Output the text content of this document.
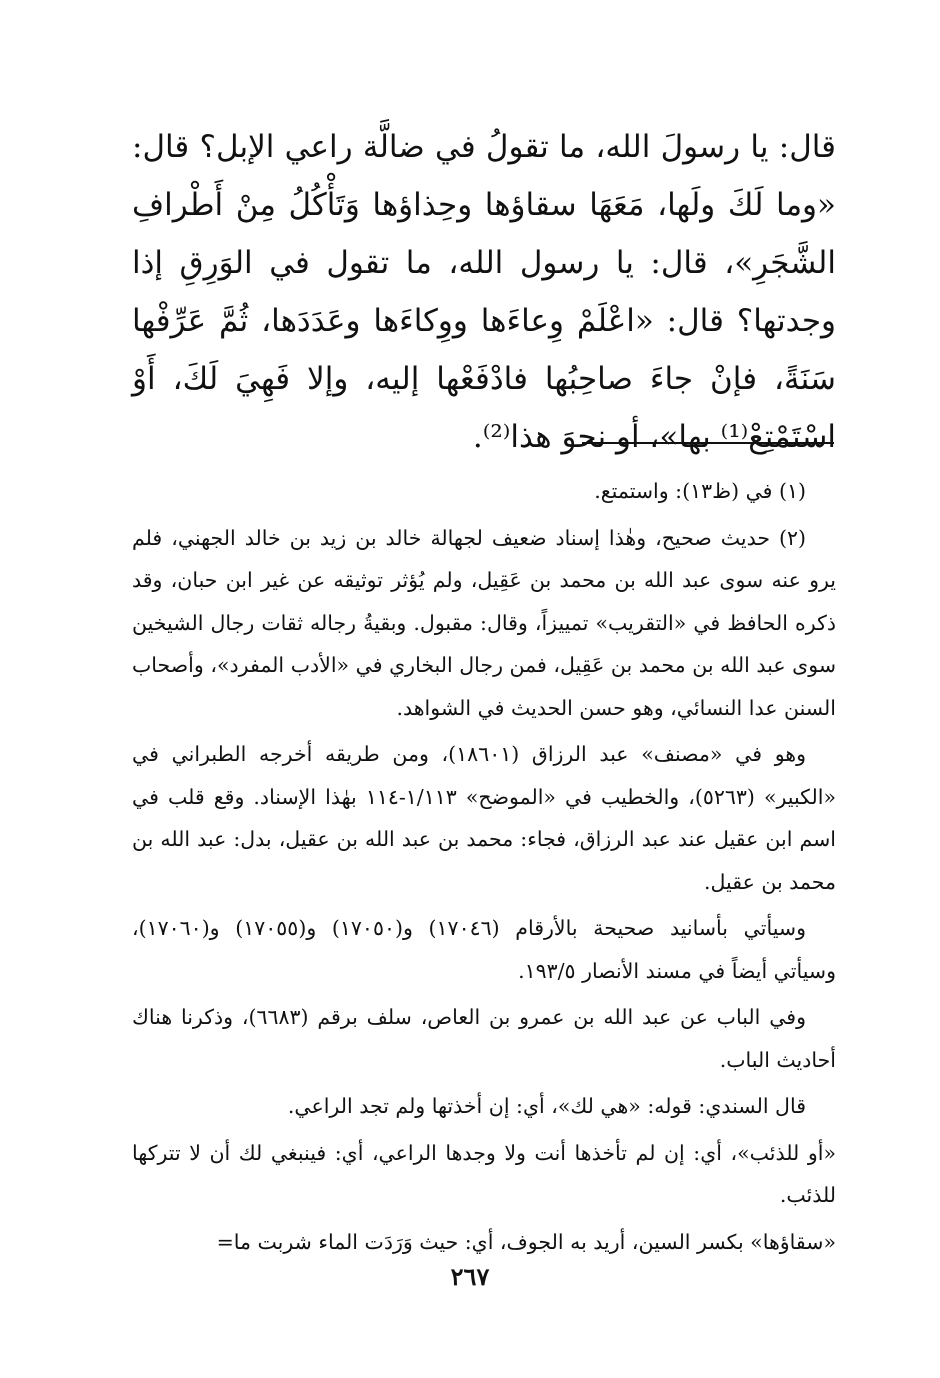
قال: يا رسولَ الله، ما تقولُ في ضالَّة راعي الإبل؟ قال: «وما لَكَ ولَها، مَعَهَا سقاؤها وحِذاؤها وَتَأْكُلُ مِنْ أَطْرافِ الشَّجَرِ»، قال: يا رسول الله، ما تقول في الوَرِقِ إذا وجدتها؟ قال: «اعْلَمْ وِعاءَها ووِكاءَها وعَدَدَها، ثُمَّ عَرِّفْها سَنَةً، فإنْ جاءَ صاحِبُها فادْفَعْها إليه، وإلا فَهِيَ لَكَ، أَوْ اسْتَمْتِعْ⁽¹⁾ بها»، أو نحوَ هذا⁽²⁾.

(١) في (ظ١٣): واستمتع.

(٢) حديث صحيح، وهٰذا إسناد ضعيف لجهالة خالد بن زيد بن خالد الجهني، فلم يرو عنه سوى عبد الله بن محمد بن عَقِيل، ولم يُؤثر توثيقه عن غير ابن حبان، وقد ذكره الحافظ في «التقريب» تمييزاً، وقال: مقبول. وبقيةُ رجاله ثقات رجال الشيخين سوى عبد الله بن محمد بن عَقِيل، فمن رجال البخاري في «الأدب المفرد»، وأصحاب السنن عدا النسائي، وهو حسن الحديث في الشواهد.

وهو في «مصنف» عبد الرزاق (١٨٦٠١)، ومن طريقه أخرجه الطبراني في «الكبير» (٥٢٦٣)، والخطيب في «الموضح» ١/١١٣-١١٤ بهٰذا الإسناد. وقع قلب في اسم ابن عقيل عند عبد الرزاق، فجاء: محمد بن عبد الله بن عقيل، بدل: عبد الله بن محمد بن عقيل.

وسيأتي بأسانيد صحيحة بالأرقام (١٧٠٤٦) و(١٧٠٥٠) و(١٧٠٥٥) و(١٧٠٦٠)، وسيأتي أيضاً في مسند الأنصار ١٩٣/٥.

وفي الباب عن عبد الله بن عمرو بن العاص، سلف برقم (٦٦٨٣)، وذكرنا هناك أحاديث الباب.

قال السندي: قوله: «هي لك»، أي: إن أخذتها ولم تجد الراعي.

«أو للذئب»، أي: إن لم تأخذها أنت ولا وجدها الراعي، أي: فينبغي لك أن لا تتركها للذئب.

«سقاؤها» بكسر السين، أريد به الجوف، أي: حيث وَرَدَت الماء شربت ما=

٢٦٧
